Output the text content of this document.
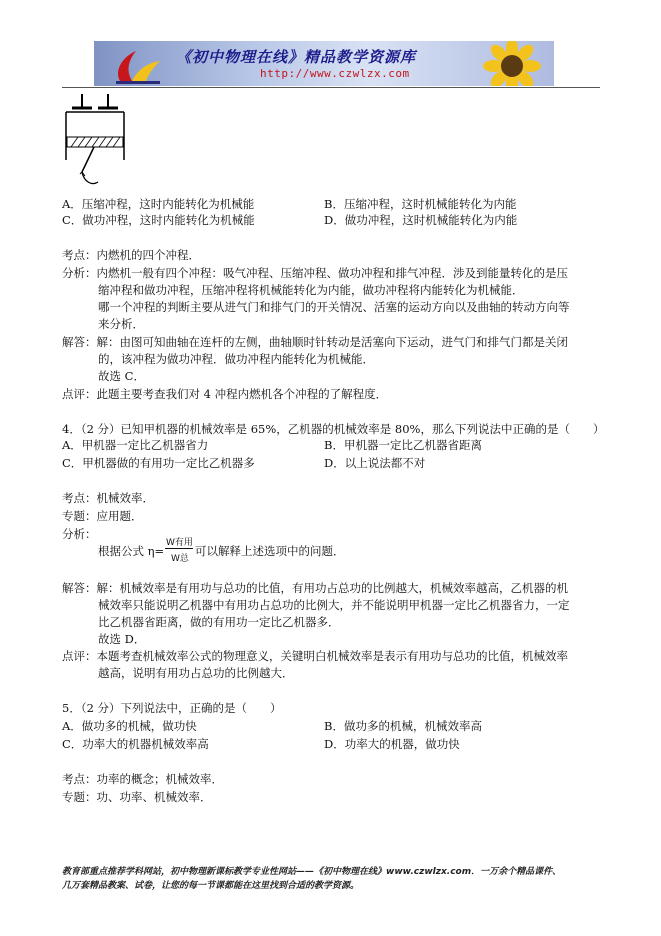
《初中物理在线》精品教学资源库
http://www.czwlzx.com
A．压缩冲程，这时内能转化为机械能	B．压缩冲程，这时机械能转化为内能
C．做功冲程，这时内能转化为机械能	D．做功冲程，这时机械能转化为内能
考点：内燃机的四个冲程．
分析：内燃机一般有四个冲程：吸气冲程、压缩冲程、做功冲程和排气冲程．涉及到能量转化的是压
缩冲程和做功冲程，压缩冲程将机械能转化为内能，做功冲程将内能转化为机械能．
哪一个冲程的判断主要从进气门和排气门的开关情况、活塞的运动方向以及曲轴的转动方向等
来分析．
解答：解：由图可知曲轴在连杆的左侧，曲轴顺时针转动是活塞向下运动，进气门和排气门都是关闭
的，该冲程为做功冲程．做功冲程内能转化为机械能．
故选 C．
点评：此题主要考查我们对 4 冲程内燃机各个冲程的了解程度．
4．（2 分）已知甲机器的机械效率是 65%，乙机器的机械效率是 80%，那么下列说法中正确的是（　　）
A．甲机器一定比乙机器省力	B．甲机器一定比乙机器省距离
C．甲机器做的有用功一定比乙机器多	D．以上说法都不对
考点：机械效率．
专题：应用题．
分析：
根据公式 η=
W有用
W总
可以解释上述选项中的问题．
解答：解：机械效率是有用功与总功的比值，有用功占总功的比例越大，机械效率越高，乙机器的机
械效率只能说明乙机器中有用功占总功的比例大，并不能说明甲机器一定比乙机器省力，一定
比乙机器省距离，做的有用功一定比乙机器多．
故选 D．
点评：本题考查机械效率公式的物理意义，关键明白机械效率是表示有用功与总功的比值，机械效率
越高，说明有用功占总功的比例越大．
5．（2 分）下列说法中，正确的是（　　）
A．做功多的机械，做功快	B．做功多的机械，机械效率高
C．功率大的机器机械效率高	D．功率大的机器，做功快
考点：功率的概念；机械效率．
专题：功、功率、机械效率．
教育部重点推荐学科网站，初中物理新课标教学专业性网站——《初中物理在线》www.czwlzx.com．一万余个精品课件、
几万套精品教案、试卷，让您的每一节课都能在这里找到合适的教学资源。
